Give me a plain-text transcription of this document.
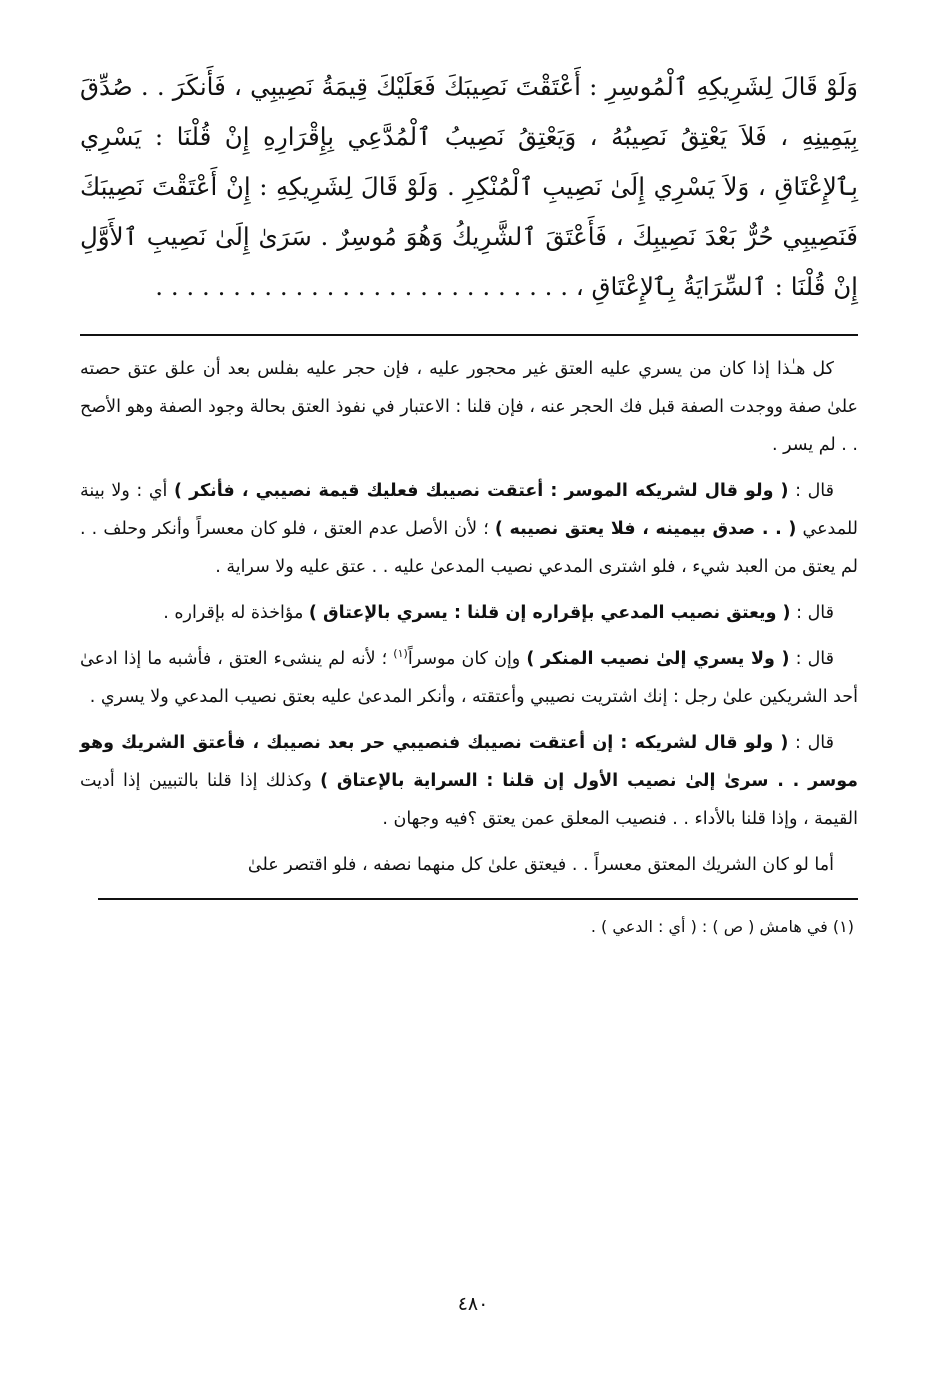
وَلَوْ قَالَ لِشَرِيكِهِ ٱلْمُوسِرِ : أَعْتَقْتَ نَصِيبَكَ فَعَلَيْكَ قِيمَةُ نَصِيبِي ، فَأَنكَرَ . . صُدِّقَ بِيَمِينِهِ ، فَلاَ يَعْتِقُ نَصِيبُهُ ، وَيَعْتِقُ نَصِيبُ ٱلْمُدَّعِي بِإِقْرَارِهِ إِنْ قُلْنَا : يَسْرِي بِٱلإِعْتَاقِ ، وَلاَ يَسْرِي إِلَىٰ نَصِيبِ ٱلْمُنْكِرِ . وَلَوْ قَالَ لِشَرِيكِهِ : إِنْ أَعْتَقْتَ نَصِيبَكَ فَنَصِيبِي حُرٌّ بَعْدَ نَصِيبِكَ ، فَأَعْتَقَ ٱلشَّرِيكُ وَهُوَ مُوسِرٌ . سَرَىٰ إِلَىٰ نَصِيبِ ٱلأَوَّلِ إِنْ قُلْنَا : ٱلسِّرَايَةُ بِٱلإِعْتَاقِ ، . . . . . . . . . . . . . . . . . . . . . . . . . . .

كل هـٰذا إذا كان من يسري عليه العتق غير محجور عليه ، فإن حجر عليه بفلس بعد أن علق عتق حصته علىٰ صفة ووجدت الصفة قبل فك الحجر عنه ، فإن قلنا : الاعتبار في نفوذ العتق بحالة وجود الصفة وهو الأصح . . لم يسر .

قال : ( ولو قال لشريكه الموسر : أعتقت نصيبك فعليك قيمة نصيبي ، فأنكر ) أي : ولا بينة للمدعي ( . . صدق بيمينه ، فلا يعتق نصيبه ) ؛ لأن الأصل عدم العتق ، فلو كان معسراً وأنكر وحلف . . لم يعتق من العبد شيء ، فلو اشترى المدعي نصيب المدعىٰ عليه . . عتق عليه ولا سراية .

قال : ( ويعتق نصيب المدعي بإقراره إن قلنا : يسري بالإعتاق ) مؤاخذة له بإقراره .

قال : ( ولا يسري إلىٰ نصيب المنكر ) وإن كان موسراً$^{(١)}$ ؛ لأنه لم ينشىء العتق ، فأشبه ما إذا ادعىٰ أحد الشريكين علىٰ رجل : إنك اشتريت نصيبي وأعتقته ، وأنكر المدعىٰ عليه بعتق نصيب المدعي ولا يسري .

قال : ( ولو قال لشريكه : إن أعتقت نصيبك فنصيبي حر بعد نصيبك ، فأعتق الشريك وهو موسر . . سرىٰ إلىٰ نصيب الأول إن قلنا : السراية بالإعتاق ) وكذلك إذا قلنا بالتبيين إذا أديت القيمة ، وإذا قلنا بالأداء . . فنصيب المعلق عمن يعتق ؟فيه وجهان .

أما لو كان الشريك المعتق معسراً . . فيعتق علىٰ كل منهما نصفه ، فلو اقتصر علىٰ

(١) في هامش ( ص ) : ( أي : الدعي ) .

٤٨٠
